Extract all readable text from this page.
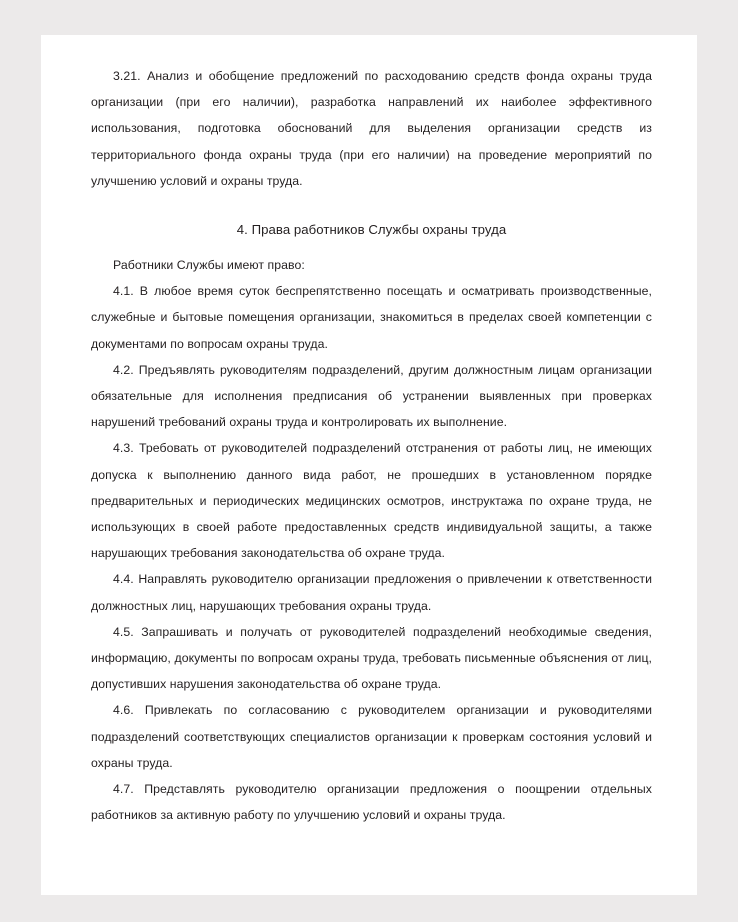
3.21. Анализ и обобщение предложений по расходованию средств фонда охраны труда организации (при его наличии), разработка направлений их наиболее эффективного использования, подготовка обоснований для выделения организации средств из территориального фонда охраны труда (при его наличии) на проведение мероприятий по улучшению условий и охраны труда.

4. Права работников Службы охраны труда

Работники Службы имеют право:

4.1. В любое время суток беспрепятственно посещать и осматривать производственные, служебные и бытовые помещения организации, знакомиться в пределах своей компетенции с документами по вопросам охраны труда.

4.2. Предъявлять руководителям подразделений, другим должностным лицам организации обязательные для исполнения предписания об устранении выявленных при проверках нарушений требований охраны труда и контролировать их выполнение.

4.3. Требовать от руководителей подразделений отстранения от работы лиц, не имеющих допуска к выполнению данного вида работ, не прошедших в установленном порядке предварительных и периодических медицинских осмотров, инструктажа по охране труда, не использующих в своей работе предоставленных средств индивидуальной защиты, а также нарушающих требования законодательства об охране труда.

4.4. Направлять руководителю организации предложения о привлечении к ответственности должностных лиц, нарушающих требования охраны труда.

4.5. Запрашивать и получать от руководителей подразделений необходимые сведения, информацию, документы по вопросам охраны труда, требовать письменные объяснения от лиц, допустивших нарушения законодательства об охране труда.

4.6. Привлекать по согласованию с руководителем организации и руководителями подразделений соответствующих специалистов организации к проверкам состояния условий и охраны труда.

4.7. Представлять руководителю организации предложения о поощрении отдельных работников за активную работу по улучшению условий и охраны труда.
